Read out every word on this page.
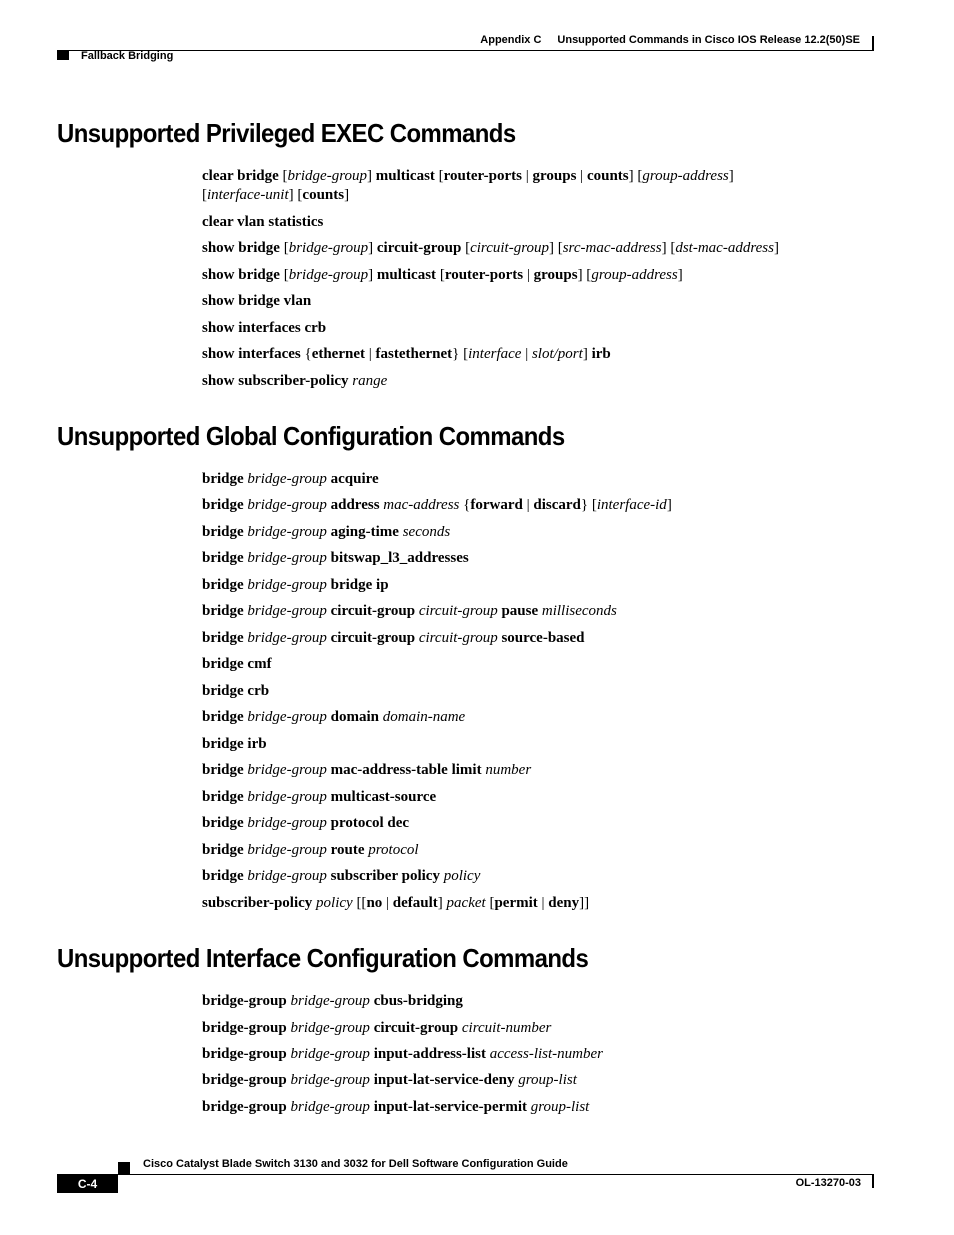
Appendix C Unsupported Commands in Cisco IOS Release 12.2(50)SE
Fallback Bridging
Unsupported Privileged EXEC Commands

clear bridge [bridge-group] multicast [router-ports | groups | counts] [group-address]

[interface-unit] [counts]

clear vlan statistics

show bridge [bridge-group] circuit-group [circuit-group] [src-mac-address] [dst-mac-address]

show bridge [bridge-group] multicast [router-ports | groups] [group-address]

show bridge vlan

show interfaces crb

show interfaces {ethernet | fastethernet} [interface | slot/port] irb

show subscriber-policy range

Unsupported Global Configuration Commands

bridge bridge-group acquire

bridge bridge-group address mac-address {forward | discard} [interface-id]

bridge bridge-group aging-time seconds

bridge bridge-group bitswap_l3_addresses

bridge bridge-group bridge ip

bridge bridge-group circuit-group circuit-group pause milliseconds

bridge bridge-group circuit-group circuit-group source-based

bridge cmf

bridge crb

bridge bridge-group domain domain-name

bridge irb

bridge bridge-group mac-address-table limit number

bridge bridge-group multicast-source

bridge bridge-group protocol dec

bridge bridge-group route protocol

bridge bridge-group subscriber policy policy

subscriber-policy policy [[no | default] packet [permit | deny]]

Unsupported Interface Configuration Commands

bridge-group bridge-group cbus-bridging

bridge-group bridge-group circuit-group circuit-number

bridge-group bridge-group input-address-list access-list-number

bridge-group bridge-group input-lat-service-deny group-list

bridge-group bridge-group input-lat-service-permit group-list

Cisco Catalyst Blade Switch 3130 and 3032 for Dell Software Configuration Guide
C-4	OL-13270-03
